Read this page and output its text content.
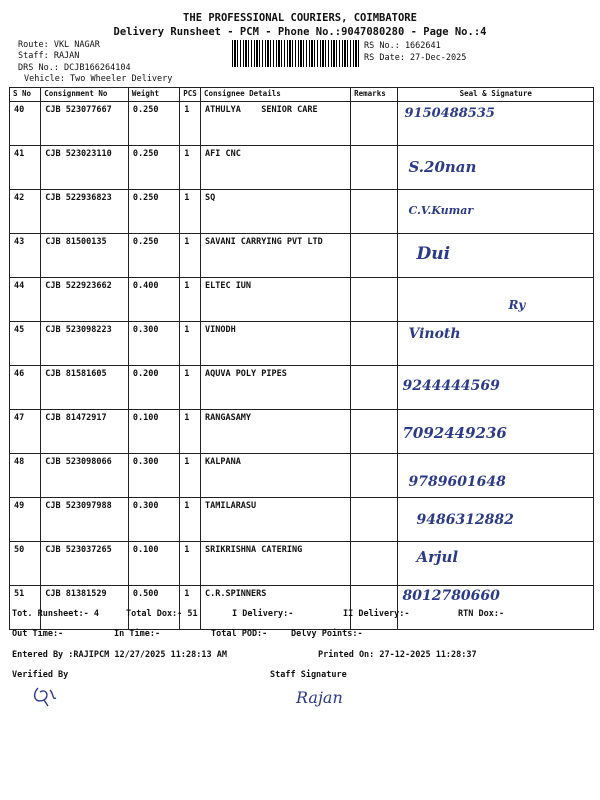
THE PROFESSIONAL COURIERS, COIMBATORE
Delivery Runsheet - PCM - Phone No.:9047080280 - Page No.:4
Route: VKL NAGAR
Staff: RAJAN
DRS No.: DCJB166264104
Vehicle: Two Wheeler Delivery
RS No.: 1662641
RS Date: 27-Dec-2025
S No	Consignment No	Weight	PCS	Consignee Details	Remarks	Seal & Signature
40	CJB 523077667	0.250	1	ATHULYA    SENIOR CARE		9150488535

41	CJB 523023110	0.250	1	AFI CNC		S.20nan

42	CJB 522936823	0.250	1	SQ		C.V.Kumar

43	CJB 81500135	0.250	1	SAVANI CARRYING PVT LTD		Dui

44	CJB 522923662	0.400	1	ELTEC IUN		Ry

45	CJB 523098223	0.300	1	VINODH		Vinoth

46	CJB 81581605	0.200	1	AQUVA POLY PIPES		9244444569

47	CJB 81472917	0.100	1	RANGASAMY		7092449236

48	CJB 523098066	0.300	1	KALPANA		9789601648

49	CJB 523097988	0.300	1	TAMILARASU		9486312882

50	CJB 523037265	0.100	1	SRIKRISHNA CATERING		Arjul

51	CJB 81381529	0.500	1	C.R.SPINNERS		8012780660
Tot. Runsheet:- 4	Total Dox:- 51	I Delivery:-	II Delivery:-	RTN Dox:-
Out Time:-	In Time:-	Total POD:-	Delvy Points:-
Entered By :RAJIPCM 12/27/2025 11:28:13 AM	Printed On: 27-12-2025 11:28:37
Verified By	Staff Signature
Rajan
